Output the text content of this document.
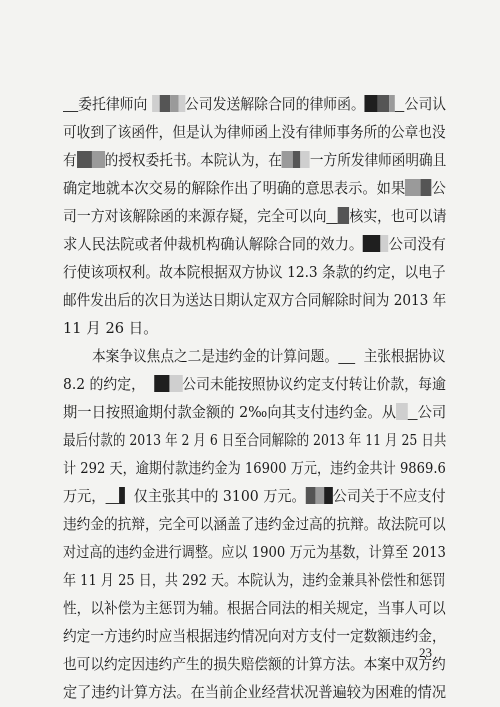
委托律师向	公司发送解除合同的律师函。	公司认
可收到了该函件，但是认为律师函上没有律师事务所的公章也没
有 的授权委托书。本院认为，在 一方所发律师函明确且
确定地就本次交易的解除作出了明确的意思表示。如果 公
司一方对该解除函的来源存疑，完全可以向 核实，也可以请
求人民法院或者仲裁机构确认解除合同的效力。 公司没有
行使该项权利。故本院根据双方协议 12.3 条款的约定，以电子
邮件发出后的次日为送达日期认定双方合同解除时间为 2013 年
11 月 26 日。
本案争议焦点之二是违约金的计算问题。 主张根据协议
8.2 的约定，	公司未能按照协议约定支付转让价款，每逾
期一日按照逾期付款金额的 2‰向其支付违约金。从 公司
最后付款的 2013 年 2 月 6 日至合同解除的 2013 年 11 月 25 日共
计 292 天，逾期付款违约金为 16900 万元，违约金共计 9869.6
万元， 仅主张其中的 3100 万元。 公司关于不应支付
违约金的抗辩，完全可以涵盖了违约金过高的抗辩。故法院可以
对过高的违约金进行调整。应以 1900 万元为基数，计算至 2013
年 11 月 25 日，共 292 天。本院认为，违约金兼具补偿性和惩罚
性，以补偿为主惩罚为辅。根据合同法的相关规定，当事人可以
约定一方违约时应当根据违约情况向对方支付一定数额违约金，
也可以约定因违约产生的损失赔偿额的计算方法。本案中双方约
定了违约计算方法。在当前企业经营状况普遍较为困难的情况
23
